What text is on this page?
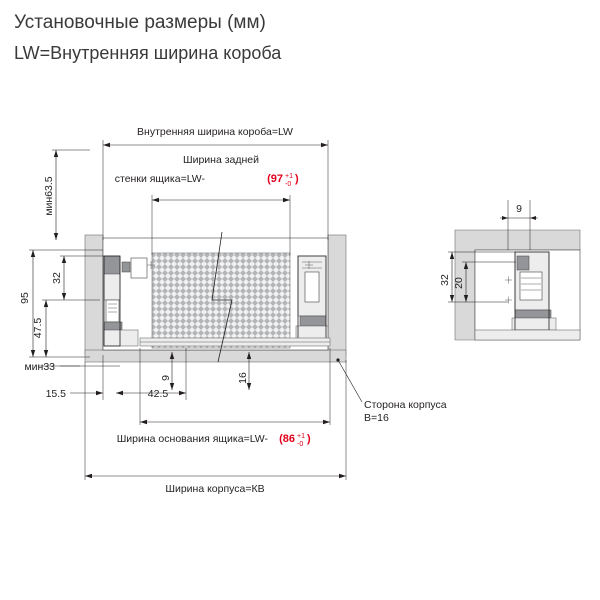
Установочные размеры (мм)
LW=Внутренняя ширина короба
Внутренняя ширина короба=LW
Ширина задней
стенки ящика=LW-	(97 +1
-0 )
мин63.5
95
47.5
32
мин33
15.5	42.5
9	16
Ширина основания ящика=LW- (86 +1
-0 )
Ширина корпуса=КВ
Сторона корпуса
B=16
9
32 20
